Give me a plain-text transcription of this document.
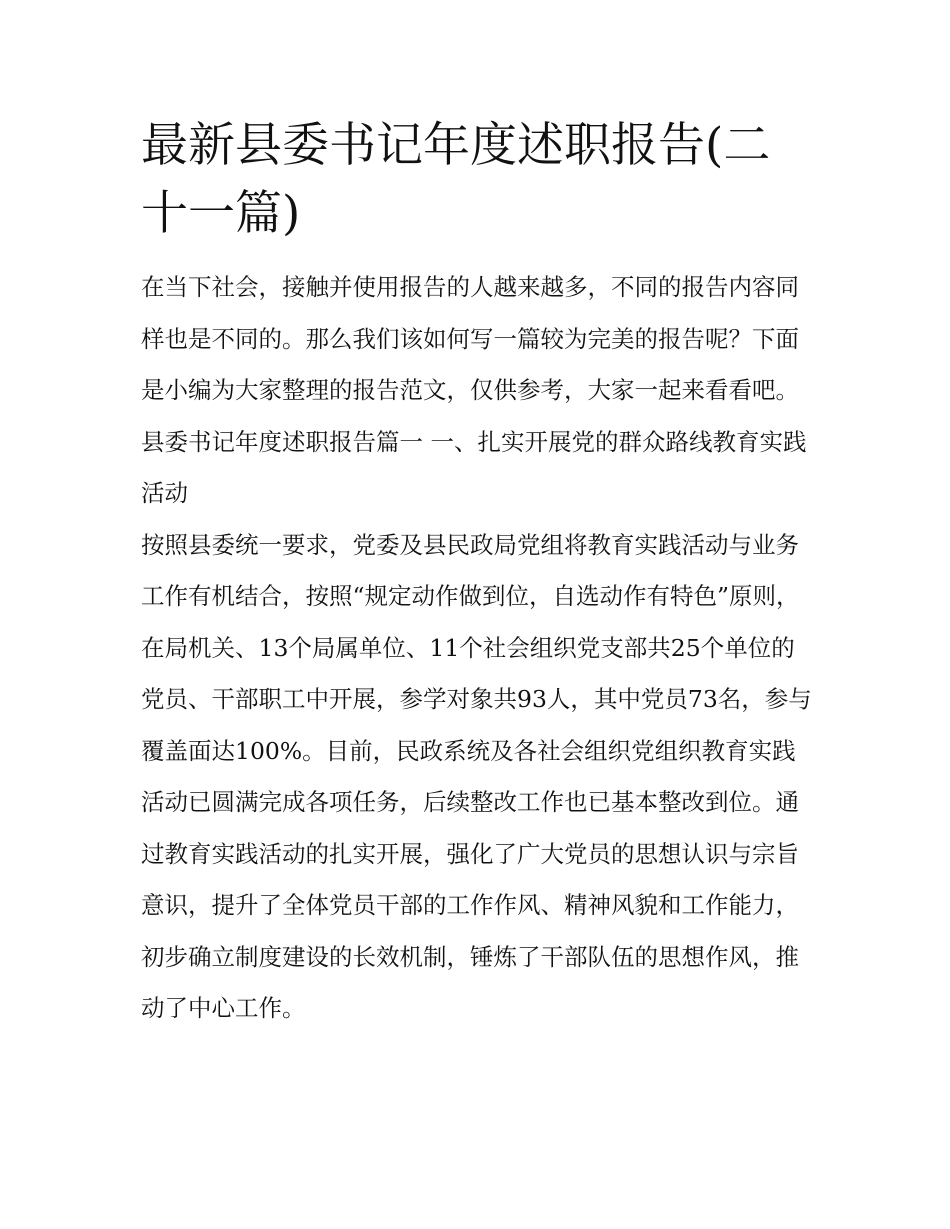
最新县委书记年度述职报告(二十一篇)

在当下社会，接触并使用报告的人越来越多，不同的报告内容同样也是不同的。那么我们该如何写一篇较为完美的报告呢？下面是小编为大家整理的报告范文，仅供参考，大家一起来看看吧。

县委书记年度述职报告篇一 一、扎实开展党的群众路线教育实践活动

按照县委统一要求，党委及县民政局党组将教育实践活动与业务工作有机结合，按照“规定动作做到位，自选动作有特色”原则，在局机关、13个局属单位、11个社会组织党支部共25个单位的党员、干部职工中开展，参学对象共93人，其中党员73名，参与覆盖面达100%。目前，民政系统及各社会组织党组织教育实践活动已圆满完成各项任务，后续整改工作也已基本整改到位。通过教育实践活动的扎实开展，强化了广大党员的思想认识与宗旨意识，提升了全体党员干部的工作作风、精神风貌和工作能力，初步确立制度建设的长效机制，锤炼了干部队伍的思想作风，推动了中心工作。
